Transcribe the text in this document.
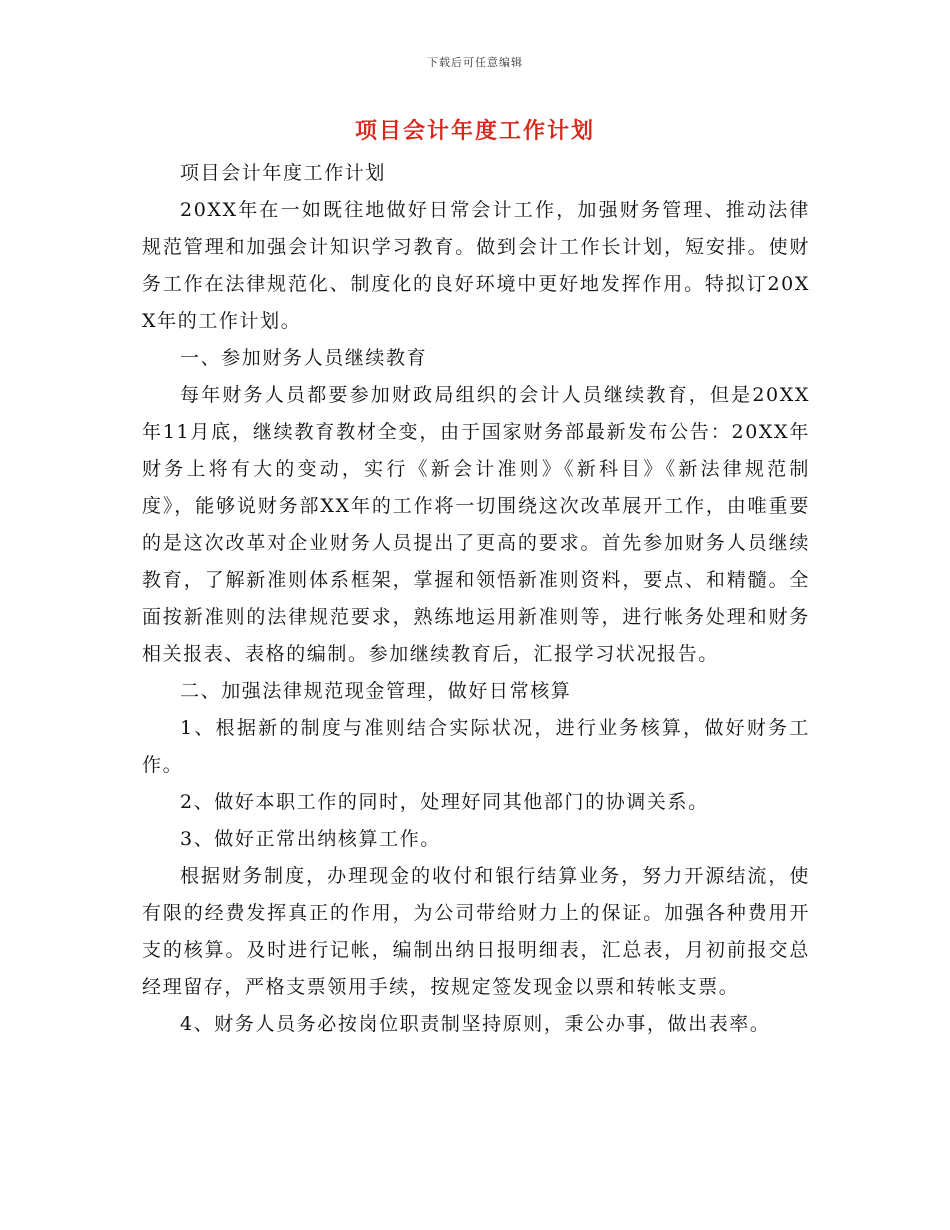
下载后可任意编辑
项目会计年度工作计划

项目会计年度工作计划

20XX年在一如既往地做好日常会计工作，加强财务管理、推动法律规范管理和加强会计知识学习教育。做到会计工作长计划，短安排。使财务工作在法律规范化、制度化的良好环境中更好地发挥作用。特拟订20XX年的工作计划。

一、参加财务人员继续教育

每年财务人员都要参加财政局组织的会计人员继续教育，但是20XX年11月底，继续教育教材全变，由于国家财务部最新发布公告：20XX年财务上将有大的变动，实行《新会计准则》《新科目》《新法律规范制度》，能够说财务部XX年的工作将一切围绕这次改革展开工作，由唯重要的是这次改革对企业财务人员提出了更高的要求。首先参加财务人员继续教育，了解新准则体系框架，掌握和领悟新准则资料，要点、和精髓。全面按新准则的法律规范要求，熟练地运用新准则等，进行帐务处理和财务相关报表、表格的编制。参加继续教育后，汇报学习状况报告。

二、加强法律规范现金管理，做好日常核算

1、根据新的制度与准则结合实际状况，进行业务核算，做好财务工作。

2、做好本职工作的同时，处理好同其他部门的协调关系。

3、做好正常出纳核算工作。

根据财务制度，办理现金的收付和银行结算业务，努力开源结流，使有限的经费发挥真正的作用，为公司带给财力上的保证。加强各种费用开支的核算。及时进行记帐，编制出纳日报明细表，汇总表，月初前报交总经理留存，严格支票领用手续，按规定签发现金以票和转帐支票。

4、财务人员务必按岗位职责制坚持原则，秉公办事，做出表率。
